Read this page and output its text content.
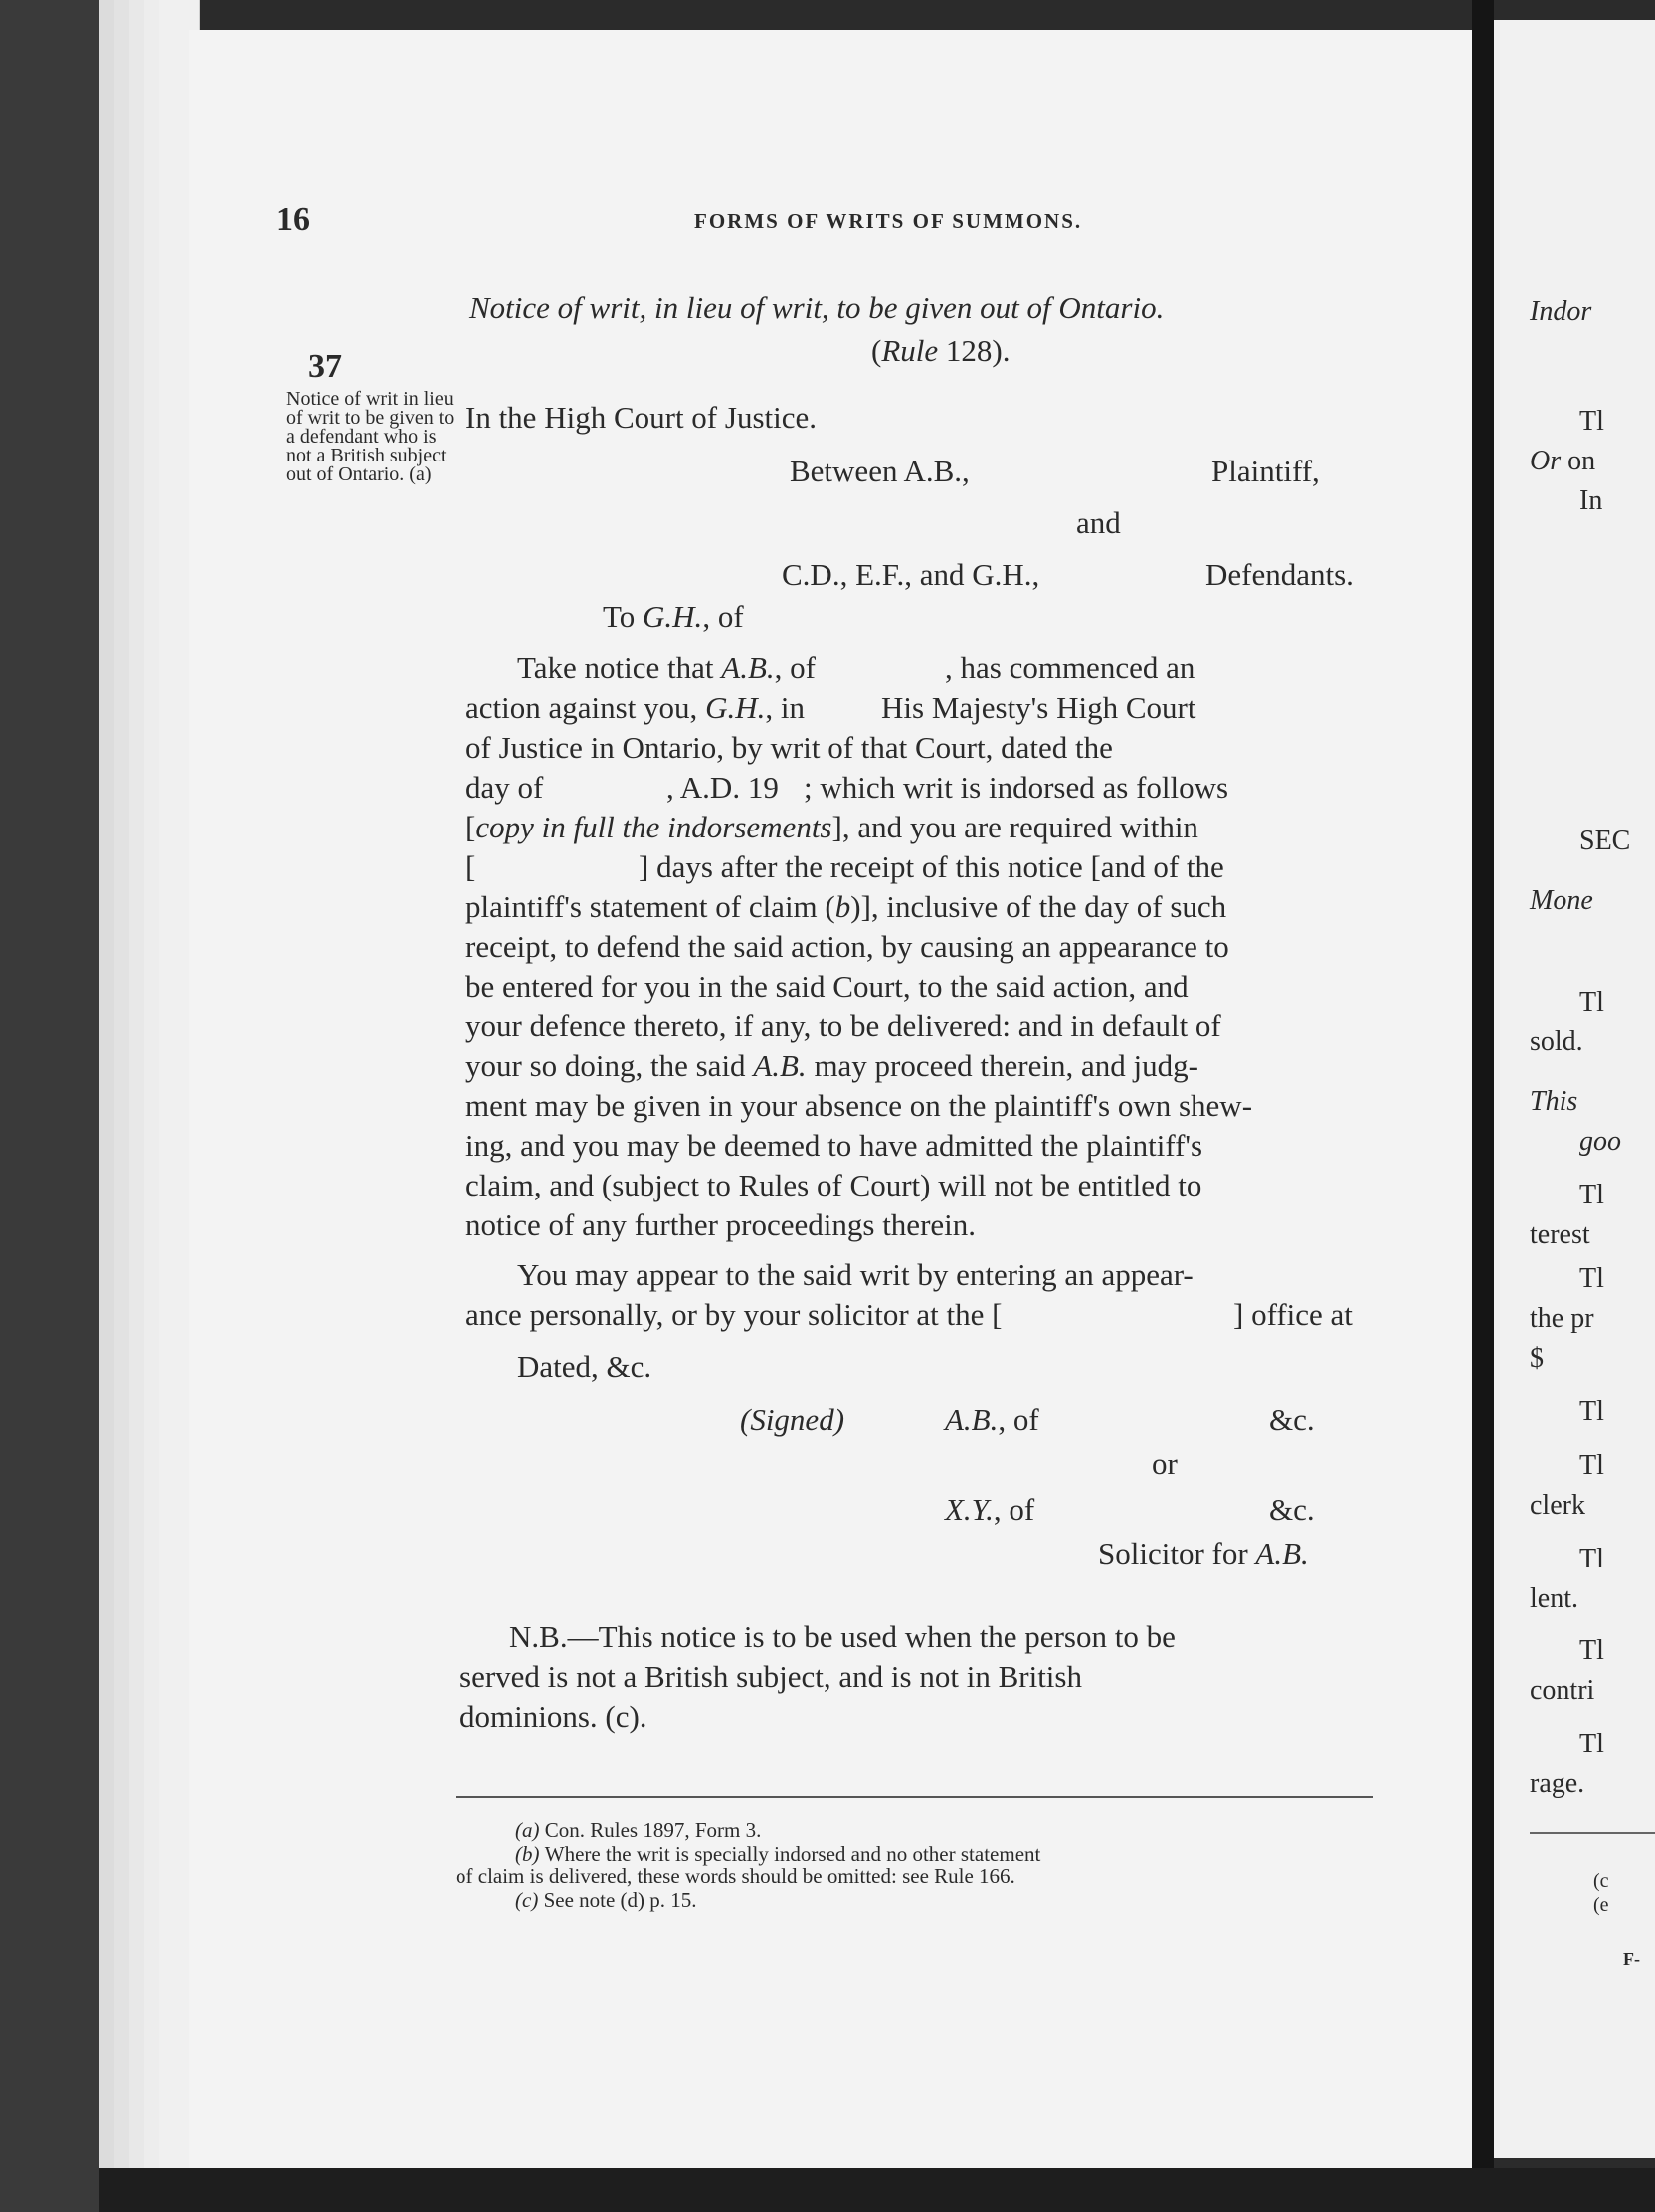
16	FORMS OF WRITS OF SUMMONS.
Notice of writ, in lieu of writ, to be given out of Ontario.
(Rule 128).
37
Notice of writ in lieu of writ to be given to a defendant who is not a British subject out of Ontario. (a)
In the High Court of Justice.
Between A.B.,	Plaintiff,
and
C.D., E.F., and G.H.,	Defendants.
To G.H., of
Take notice that A.B., of	, has commenced an
action against you, G.H., in His Majesty's High Court
of Justice in Ontario, by writ of that Court, dated the
day of	, A.D. 19 ; which writ is indorsed as follows
[copy in full the indorsements], and you are required within
[	] days after the receipt of this notice [and of the
plaintiff's statement of claim (b)], inclusive of the day of such
receipt, to defend the said action, by causing an appearance to
be entered for you in the said Court, to the said action, and
your defence thereto, if any, to be delivered: and in default of
your so doing, the said A.B. may proceed therein, and judg-
ment may be given in your absence on the plaintiff's own shew-
ing, and you may be deemed to have admitted the plaintiff's
claim, and (subject to Rules of Court) will not be entitled to
notice of any further proceedings therein.
You may appear to the said writ by entering an appear-
ance personally, or by your solicitor at the [	] office at
Dated, &c.
(Signed)	A.B., of	&c.
or
X.Y., of	&c.
Solicitor for A.B.
N.B.—This notice is to be used when the person to be
served is not a British subject, and is not in British
dominions. (c).
(a) Con. Rules 1897, Form 3.
(b) Where the writ is specially indorsed and no other statement
of claim is delivered, these words should be omitted: see Rule 166.
(c) See note (d) p. 15.
Indor
Tl
Or on
In
SEC
Mone
Tl
sold.
This
goo
Tl
terest
Tl
the pr
$
Tl
Tl
clerk
Tl
lent.
Tl
contri
Tl
rage.
(c
(e
F-
